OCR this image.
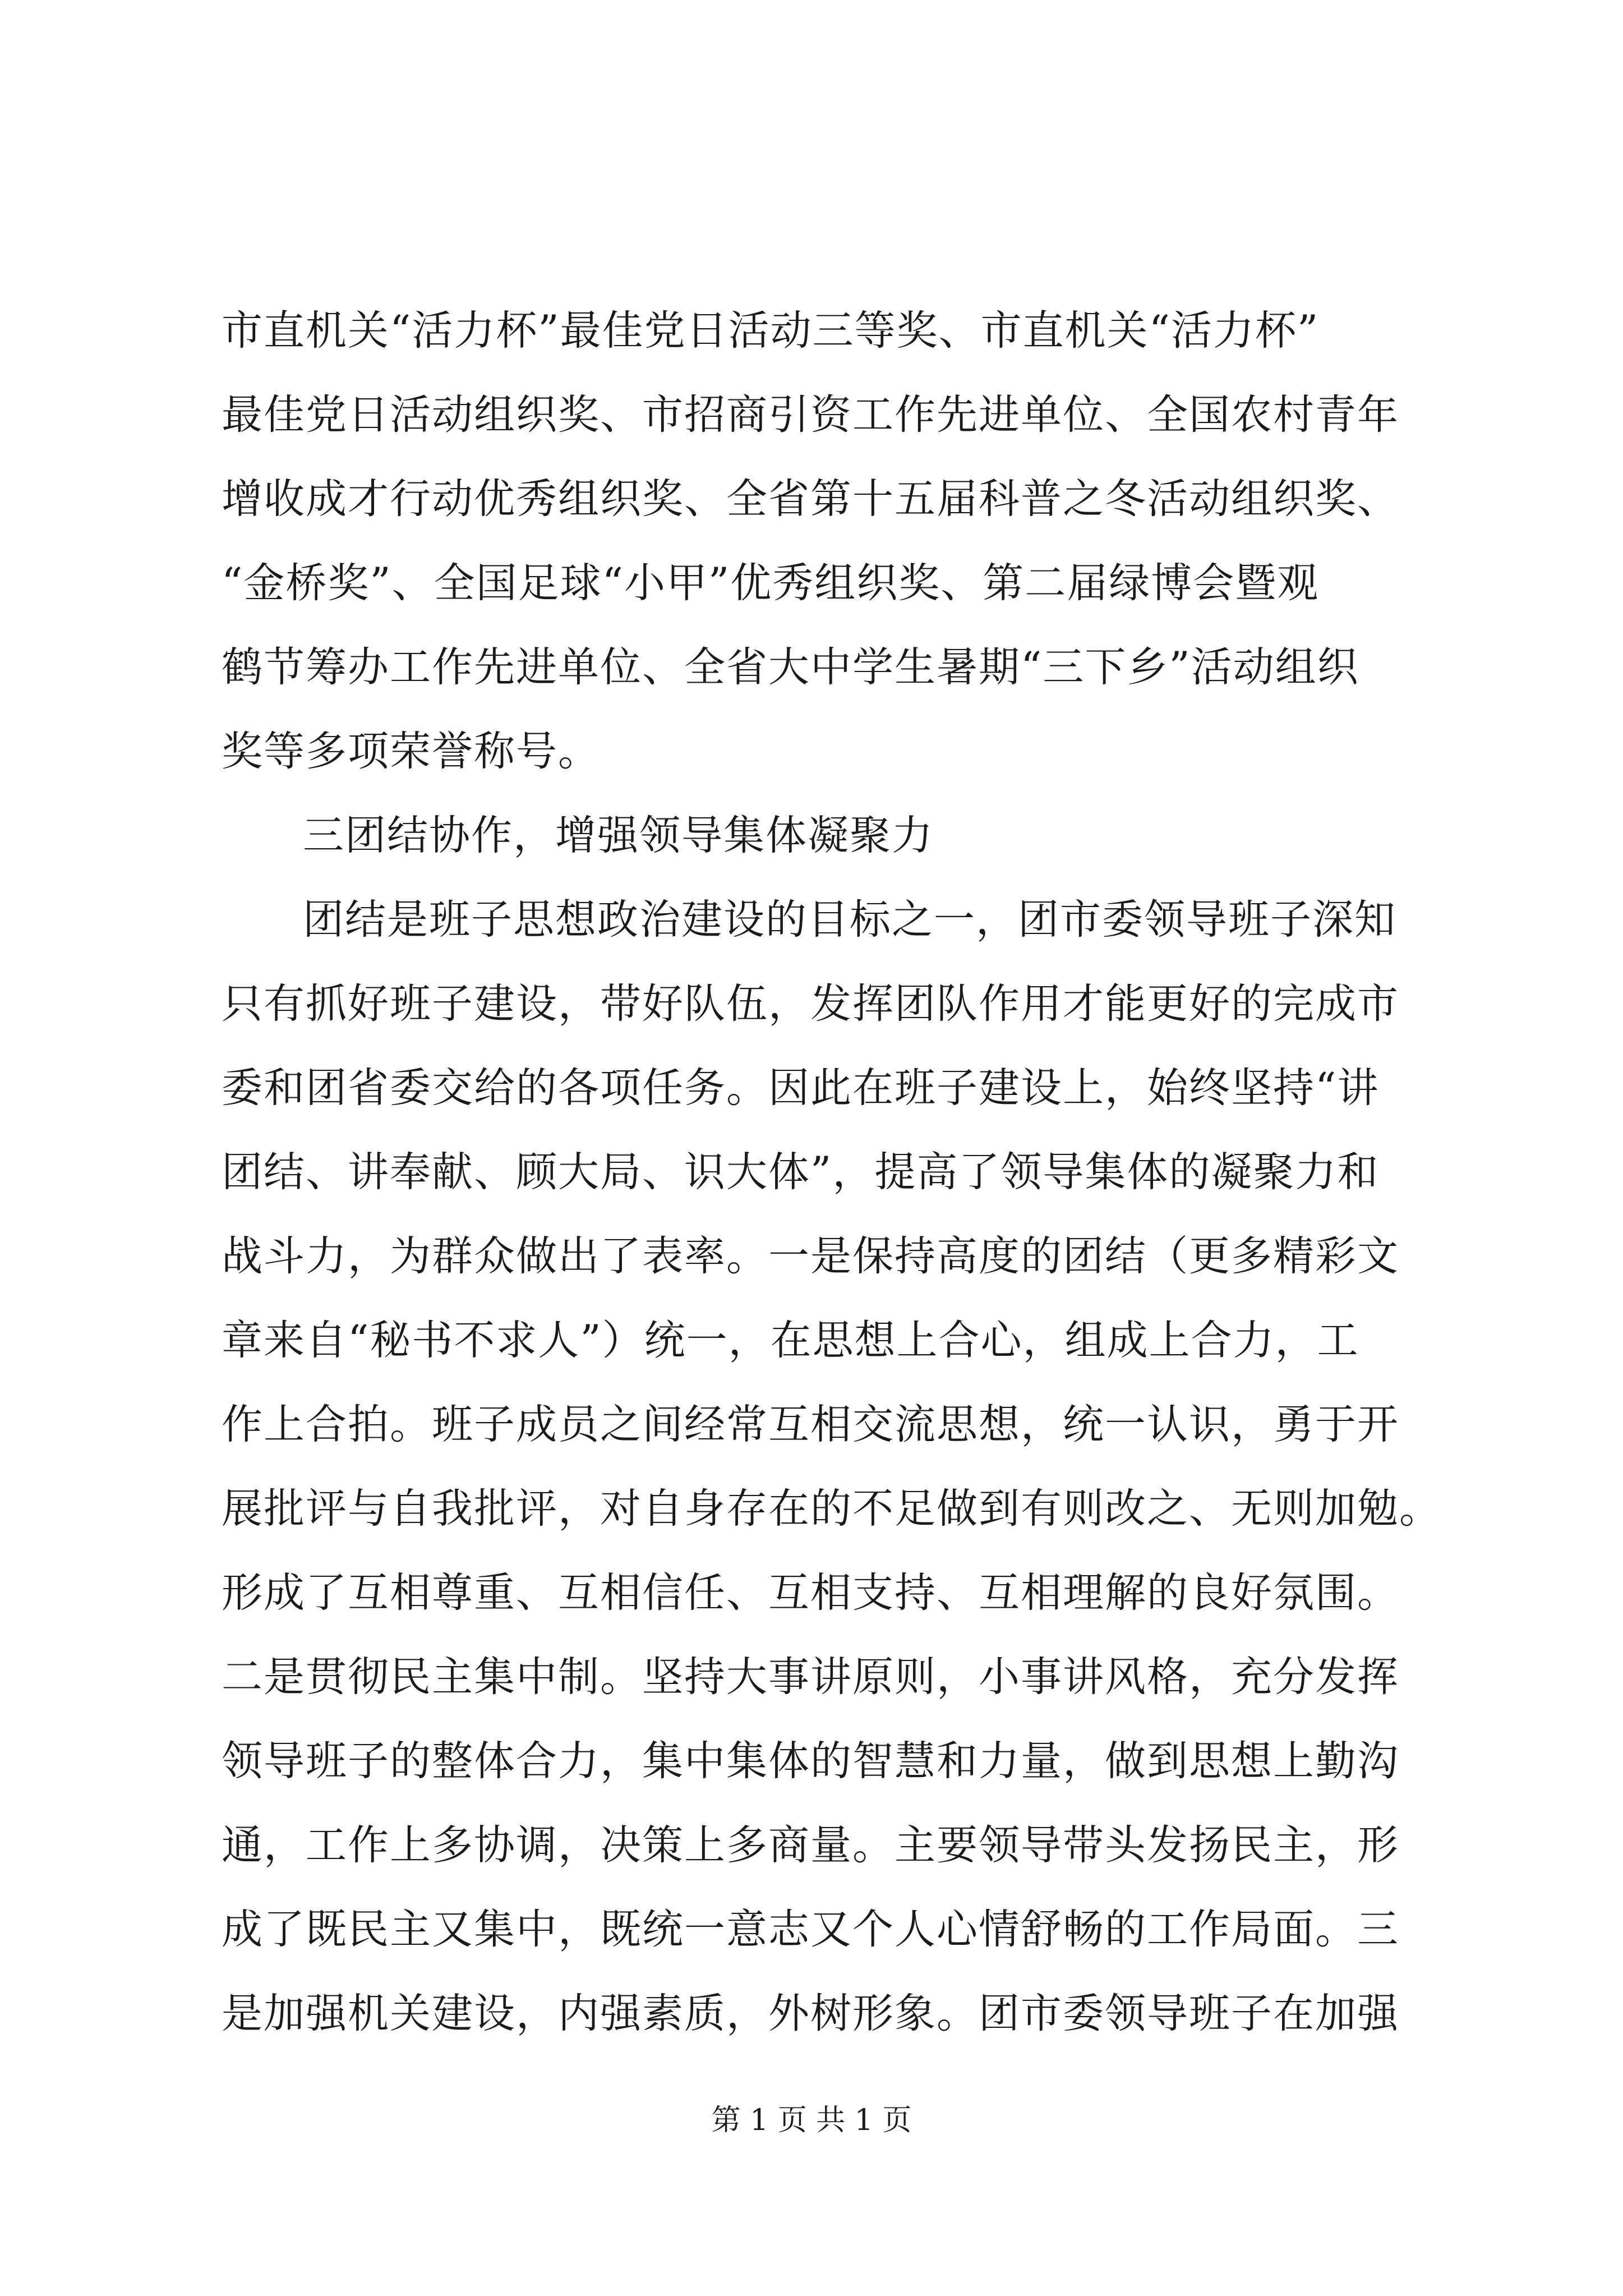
市直机关“活力杯”最佳党日活动三等奖、市直机关“活力杯”
最佳党日活动组织奖、市招商引资工作先进单位、全国农村青年
增收成才行动优秀组织奖、全省第十五届科普之冬活动组织奖、
“金桥奖”、全国足球“小甲”优秀组织奖、第二届绿博会暨观
鹤节筹办工作先进单位、全省大中学生暑期“三下乡”活动组织
奖等多项荣誉称号。
三团结协作，增强领导集体凝聚力
团结是班子思想政治建设的目标之一，团市委领导班子深知
只有抓好班子建设，带好队伍，发挥团队作用才能更好的完成市
委和团省委交给的各项任务。因此在班子建设上，始终坚持“讲
团结、讲奉献、顾大局、识大体”，提高了领导集体的凝聚力和
战斗力，为群众做出了表率。一是保持高度的团结（更多精彩文
章来自“秘书不求人”）统一，在思想上合心，组成上合力，工
作上合拍。班子成员之间经常互相交流思想，统一认识，勇于开
展批评与自我批评，对自身存在的不足做到有则改之、无则加勉。
形成了互相尊重、互相信任、互相支持、互相理解的良好氛围。
二是贯彻民主集中制。坚持大事讲原则，小事讲风格，充分发挥
领导班子的整体合力，集中集体的智慧和力量，做到思想上勤沟
通，工作上多协调，决策上多商量。主要领导带头发扬民主，形
成了既民主又集中，既统一意志又个人心情舒畅的工作局面。三
是加强机关建设，内强素质，外树形象。团市委领导班子在加强
第 1 页 共 1 页
